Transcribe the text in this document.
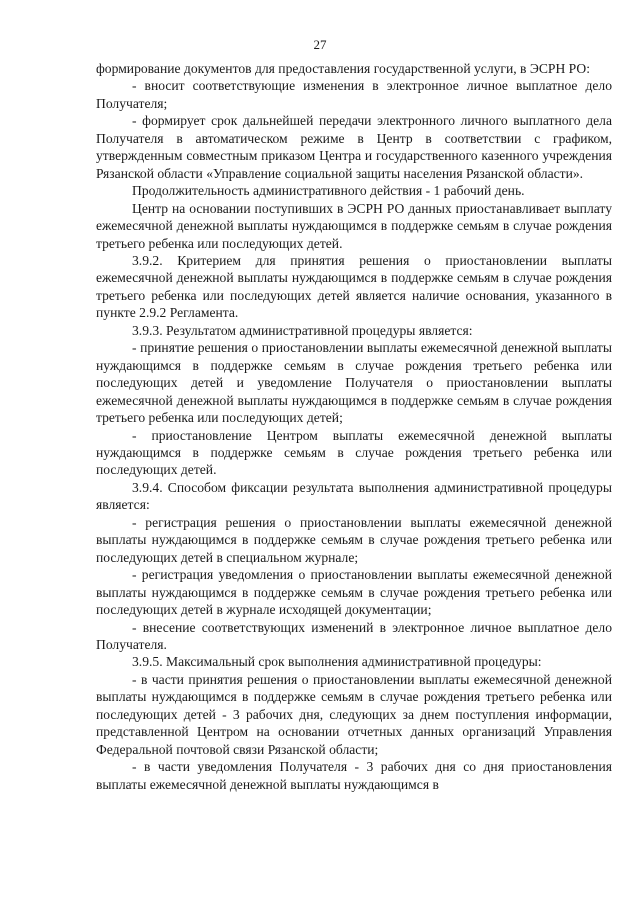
27

формирование документов для предоставления государственной услуги, в ЭСРН РО:

- вносит соответствующие изменения в электронное личное выплатное дело Получателя;

- формирует срок дальнейшей передачи электронного личного выплатного дела Получателя в автоматическом режиме в Центр в соответствии с графиком, утвержденным совместным приказом Центра и государственного казенного учреждения Рязанской области «Управление социальной защиты населения Рязанской области».

Продолжительность административного действия - 1 рабочий день.

Центр на основании поступивших в ЭСРН РО данных приостанавливает выплату ежемесячной денежной выплаты нуждающимся в поддержке семьям в случае рождения третьего ребенка или последующих детей.

3.9.2. Критерием для принятия решения о приостановлении выплаты ежемесячной денежной выплаты нуждающимся в поддержке семьям в случае рождения третьего ребенка или последующих детей является наличие основания, указанного в пункте 2.9.2 Регламента.

3.9.3. Результатом административной процедуры является:

- принятие решения о приостановлении выплаты ежемесячной денежной выплаты нуждающимся в поддержке семьям в случае рождения третьего ребенка или последующих детей и уведомление Получателя о приостановлении выплаты ежемесячной денежной выплаты нуждающимся в поддержке семьям в случае рождения третьего ребенка или последующих детей;

- приостановление Центром выплаты ежемесячной денежной выплаты нуждающимся в поддержке семьям в случае рождения третьего ребенка или последующих детей.

3.9.4. Способом фиксации результата выполнения административной процедуры является:

- регистрация решения о приостановлении выплаты ежемесячной денежной выплаты нуждающимся в поддержке семьям в случае рождения третьего ребенка или последующих детей в специальном журнале;

- регистрация уведомления о приостановлении выплаты ежемесячной денежной выплаты нуждающимся в поддержке семьям в случае рождения третьего ребенка или последующих детей в журнале исходящей документации;

- внесение соответствующих изменений в электронное личное выплатное дело Получателя.

3.9.5. Максимальный срок выполнения административной процедуры:

- в части принятия решения о приостановлении выплаты ежемесячной денежной выплаты нуждающимся в поддержке семьям в случае рождения третьего ребенка или последующих детей - 3 рабочих дня, следующих за днем поступления информации, представленной Центром на основании отчетных данных организаций Управления Федеральной почтовой связи Рязанской области;

- в части уведомления Получателя - 3 рабочих дня со дня приостановления выплаты ежемесячной денежной выплаты нуждающимся в
